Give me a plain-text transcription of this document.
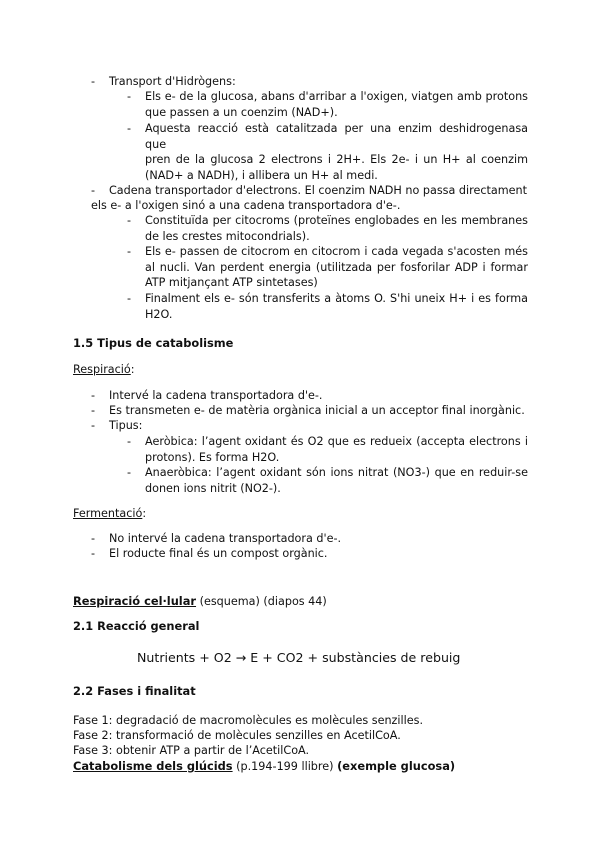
-	Transport d'Hidrògens:
-	Els e- de la glucosa, abans d'arribar a l'oxigen, viatgen amb protons
que passen a un coenzim (NAD+).
-	Aquesta reacció està catalitzada per una enzim deshidrogenasa que
pren de la glucosa 2 electrons i 2H+. Els 2e- i un H+ al coenzim
(NAD+ a NADH), i allibera un H+ al medi.
-	Cadena transportador d'electrons. El coenzim NADH no passa directament
els e- a l'oxigen sinó a una cadena transportadora d'e-.
-	Constituïda per citocroms (proteïnes englobades en les membranes
de les crestes mitocondrials).
-	Els e- passen de citocrom en citocrom i cada vegada s'acosten més
al nucli. Van perdent energia (utilitzada per fosforilar ADP i formar
ATP mitjançant ATP sintetases)
-	Finalment els e- són transferits a àtoms O. S'hi uneix H+ i es forma
H2O.
1.5 Tipus de catabolisme
Respiració:
-	Intervé la cadena transportadora d'e-.
-	Es transmeten e- de matèria orgànica inicial a un acceptor final inorgànic.
-	Tipus:
-	Aeròbica: l’agent oxidant és O2 que es redueix (accepta electrons i
protons). Es forma H2O.
-	Anaeròbica: l’agent oxidant són ions nitrat (NO3-) que en reduir-se
donen ions nitrit (NO2-).
Fermentació:
-	No intervé la cadena transportadora d'e-.
-	El roducte final és un compost orgànic.
Respiració cel·lular (esquema) (diapos 44)
2.1 Reacció general
Nutrients + O2 → E + CO2 + substàncies de rebuig
2.2 Fases i finalitat
Fase 1: degradació de macromolècules es molècules senzilles.
Fase 2: transformació de molècules senzilles en AcetilCoA.
Fase 3: obtenir ATP a partir de l’AcetilCoA.
Catabolisme dels glúcids (p.194-199 llibre) (exemple glucosa)
